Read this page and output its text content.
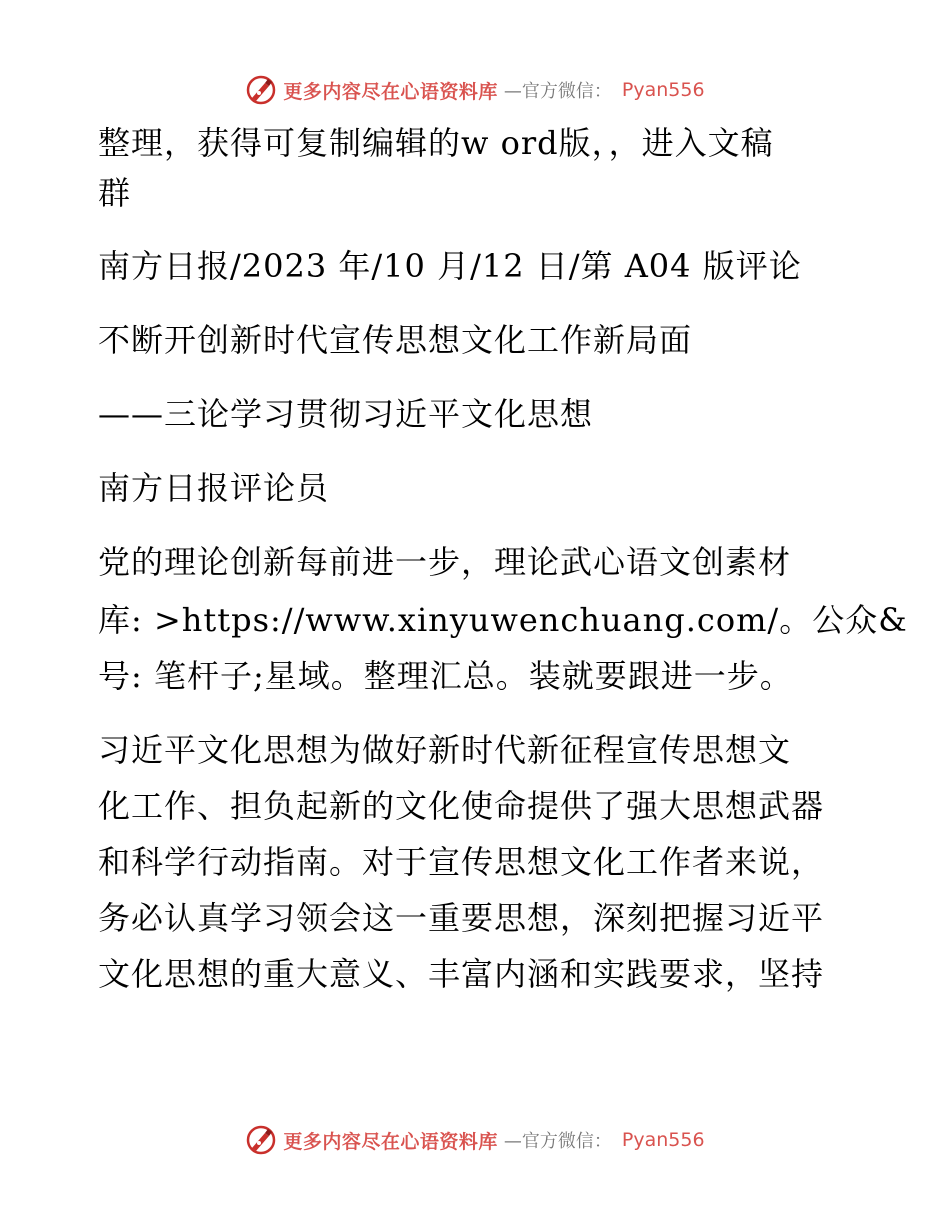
更多内容尽在心语资料库 —官方微信： Pyan556
整理，获得可复制编辑的w ord版，，进入文稿
群
南方日报/2023 年/10 月/12 日/第 A04 版评论
不断开创新时代宣传思想文化工作新局面
——三论学习贯彻习近平文化思想
南方日报评论员
党的理论创新每前进一步，理论武心语文创素材
库: >https://www.xinyuwenchuang.com/。公众&
号: 笔杆子;星域。整理汇总。装就要跟进一步。
习近平文化思想为做好新时代新征程宣传思想文
化工作、担负起新的文化使命提供了强大思想武器
和科学行动指南。对于宣传思想文化工作者来说，
务必认真学习领会这一重要思想，深刻把握习近平
文化思想的重大意义、丰富内涵和实践要求，坚持
更多内容尽在心语资料库 —官方微信： Pyan556
